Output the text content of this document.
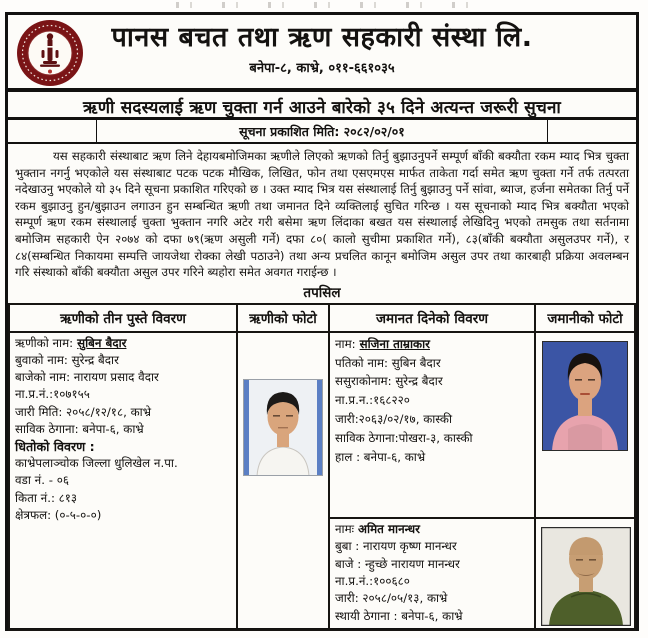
पानस बचत तथा ऋण सहकारी संस्था लि.
बनेपा-८, काभ्रे, ०११-६६१०३५
ऋणी सदस्यलाई ऋण चुक्ता गर्न आउने बारेको ३५ दिने अत्यन्त जरूरी सुचना
सूचना प्रकाशित मिति: २०८२/०२/०१
यस सहकारी संस्थाबाट ऋण लिने देहायबमोजिमका ऋणीले लिएको ऋणको तिर्नु बुझाउनुपर्ने सम्पूर्ण बाँकी बक्यौता रकम म्याद भित्र चुक्ता भुक्तान नगर्नु भएकोले यस संस्थाबाट पटक पटक मौखिक, लिखित, फोन तथा एसएमएस मार्फत ताकेता गर्दा समेत ऋण चुक्ता गर्ने तर्फ तत्परता नदेखाउनु भएकोले यो ३५ दिने सूचना प्रकाशित गरिएको छ । उक्त म्याद भित्र यस संस्थालाई तिर्नु बुझाउनु पर्ने सांवा, ब्याज, हर्जना समेतका तिर्नु पर्ने रकम बुझाउनु हुन/बुझाउन लगाउन हुन सम्बन्धित ऋणी तथा जमानत दिने व्यक्तिलाई सुचित गरिन्छ । यस सूचनाको म्याद भित्र बक्यौता भएको सम्पूर्ण ऋण रकम संस्थालाई चुक्ता भुक्तान नगरि अटेर गरी बसेमा ऋण लिंदाका बखत यस संस्थालाई लेखिदिनु भएको तमसुक तथा सर्तनामा बमोजिम सहकारी ऐन २०७४ को दफा ७९(ऋण असुली गर्ने) दफा ८०( कालो सुचीमा प्रकाशित गर्ने), ८३(बाँकी बक्यौता असुलउपर गर्ने), र ८४(सम्बन्धित निकायमा सम्पत्ति जायजेथा रोक्का लेखी पठाउने) तथा अन्य प्रचलित कानून बमोजिम असुल उपर तथा कारबाही प्रक्रिया अवलम्बन गरि संस्थाको बाँकी बक्यौता असुल उपर गरिने ब्यहोरा समेत अवगत गराईन्छ ।
तपसिल
ऋणीको तीन पुस्ते विवरण	ऋणीको फोटो	जमानत दिनेको विवरण	जमानीको फोटो

ऋणीको नाम: सुबिन बैदार
बुवाको नाम: सुरेन्द्र बैदार
बाजेको नाम: नारायण प्रसाद वैदार
ना.प्र.नं.:१०७१५५
जारी मिति: २०५८/१२/१८, काभ्रे
साविक ठेगाना: बनेपा-६, काभ्रे
धितोको विवरण :
काभ्रेपलाञ्चोक जिल्ला धुलिखेल न.पा.
वडा नं. - ०६
किता नं.: ८१३
क्षेत्रफल: (०-५-०-०)

नाम: सजिना ताम्राकार
पतिको नाम: सुबिन बैदार
ससुराकोनाम: सुरेन्द्र बैदार
ना.प्र.न.:१६८२२०
जारी:२०६३/०२/१७, कास्की
साविक ठेगाना:पोखरा-३, कास्की
हाल : बनेपा-६, काभ्रे

नामः अमित मानन्धर
बुबा : नारायण कृष्ण मानन्धर
बाजे : न्हुच्छे नारायण मानन्धर
ना.प्र.नं.:१००६८०
जारी: २०५८/०५/१३, काभ्रे
स्थायी ठेगाना : बनेपा-६, काभ्रे
